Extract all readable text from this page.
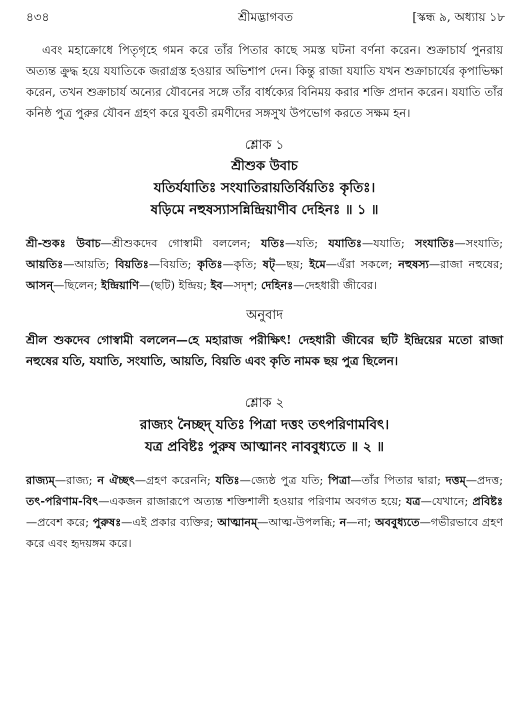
৪৩৪	শ্রীমদ্ভাগবত	[স্কন্ধ ৯, অধ্যায় ১৮

এবং মহাক্রোধে পিতৃগৃহে গমন করে তাঁর পিতার কাছে সমস্ত ঘটনা বর্ণনা করেন। শুক্রাচার্য পুনরায় অত্যন্ত ক্রুদ্ধ হয়ে যযাতিকে জরাগ্রস্ত হওয়ার অভিশাপ দেন। কিন্তু রাজা যযাতি যখন শুক্রাচার্যের কৃপাভিক্ষা করেন, তখন শুক্রাচার্য অন্যের যৌবনের সঙ্গে তাঁর বার্ধক্যের বিনিময় করার শক্তি প্রদান করেন। যযাতি তাঁর কনিষ্ঠ পুত্র পুরুর যৌবন গ্রহণ করে যুবতী রমণীদের সঙ্গসুখ উপভোগ করতে সক্ষম হন।

শ্লোক ১
শ্রীশুক উবাচ
যতির্যযাতিঃ সংযাতিরায়তির্বিয়তিঃ কৃতিঃ।
ষড়িমে নহুষস্যাসন্নিন্দ্রিয়াণীব দেহিনঃ ॥ ১ ॥

শ্রী-শুকঃ উবাচ—শ্রীশুকদেব গোস্বামী বললেন; যতিঃ—যতি; যযাতিঃ—যযাতি; সংযাতিঃ—সংযাতি; আয়তিঃ—আয়তি; বিয়তিঃ—বিয়তি; কৃতিঃ—কৃতি; ষট্—ছয়; ইমে—এঁরা সকলে; নহুষস্য—রাজা নহুষের; আসন্—ছিলেন; ইন্দ্রিয়াণি—(ছটি) ইন্দ্রিয়; ইব—সদৃশ; দেহিনঃ—দেহধারী জীবের।

অনুবাদ

শ্রীল শুকদেব গোস্বামী বললেন—হে মহারাজ পরীক্ষিৎ! দেহধারী জীবের ছটি ইন্দ্রিয়ের মতো রাজা নহুষের যতি, যযাতি, সংযাতি, আয়তি, বিয়তি এবং কৃতি নামক ছয় পুত্র ছিলেন।

শ্লোক ২
রাজ্যং নৈচ্ছদ্ যতিঃ পিত্রা দত্তং তৎপরিণামবিৎ।
যত্র প্রবিষ্টঃ পুরুষ আত্মানং নাববুধ্যতে ॥ ২ ॥

রাজ্যম্—রাজ্য; ন ঐচ্ছৎ—গ্রহণ করেননি; যতিঃ—জ্যেষ্ঠ পুত্র যতি; পিত্রা—তাঁর পিতার দ্বারা; দত্তম্—প্রদত্ত; তৎ-পরিণাম-বিৎ—একজন রাজারূপে অত্যন্ত শক্তিশালী হওয়ার পরিণাম অবগত হয়ে; যত্র—যেখানে; প্রবিষ্টঃ—প্রবেশ করে; পুরুষঃ—এই প্রকার ব্যক্তির; আত্মানম্—আত্ম-উপলব্ধি; ন—না; অববুধ্যতে—গভীরভাবে গ্রহণ করে এবং হৃদয়ঙ্গম করে।
